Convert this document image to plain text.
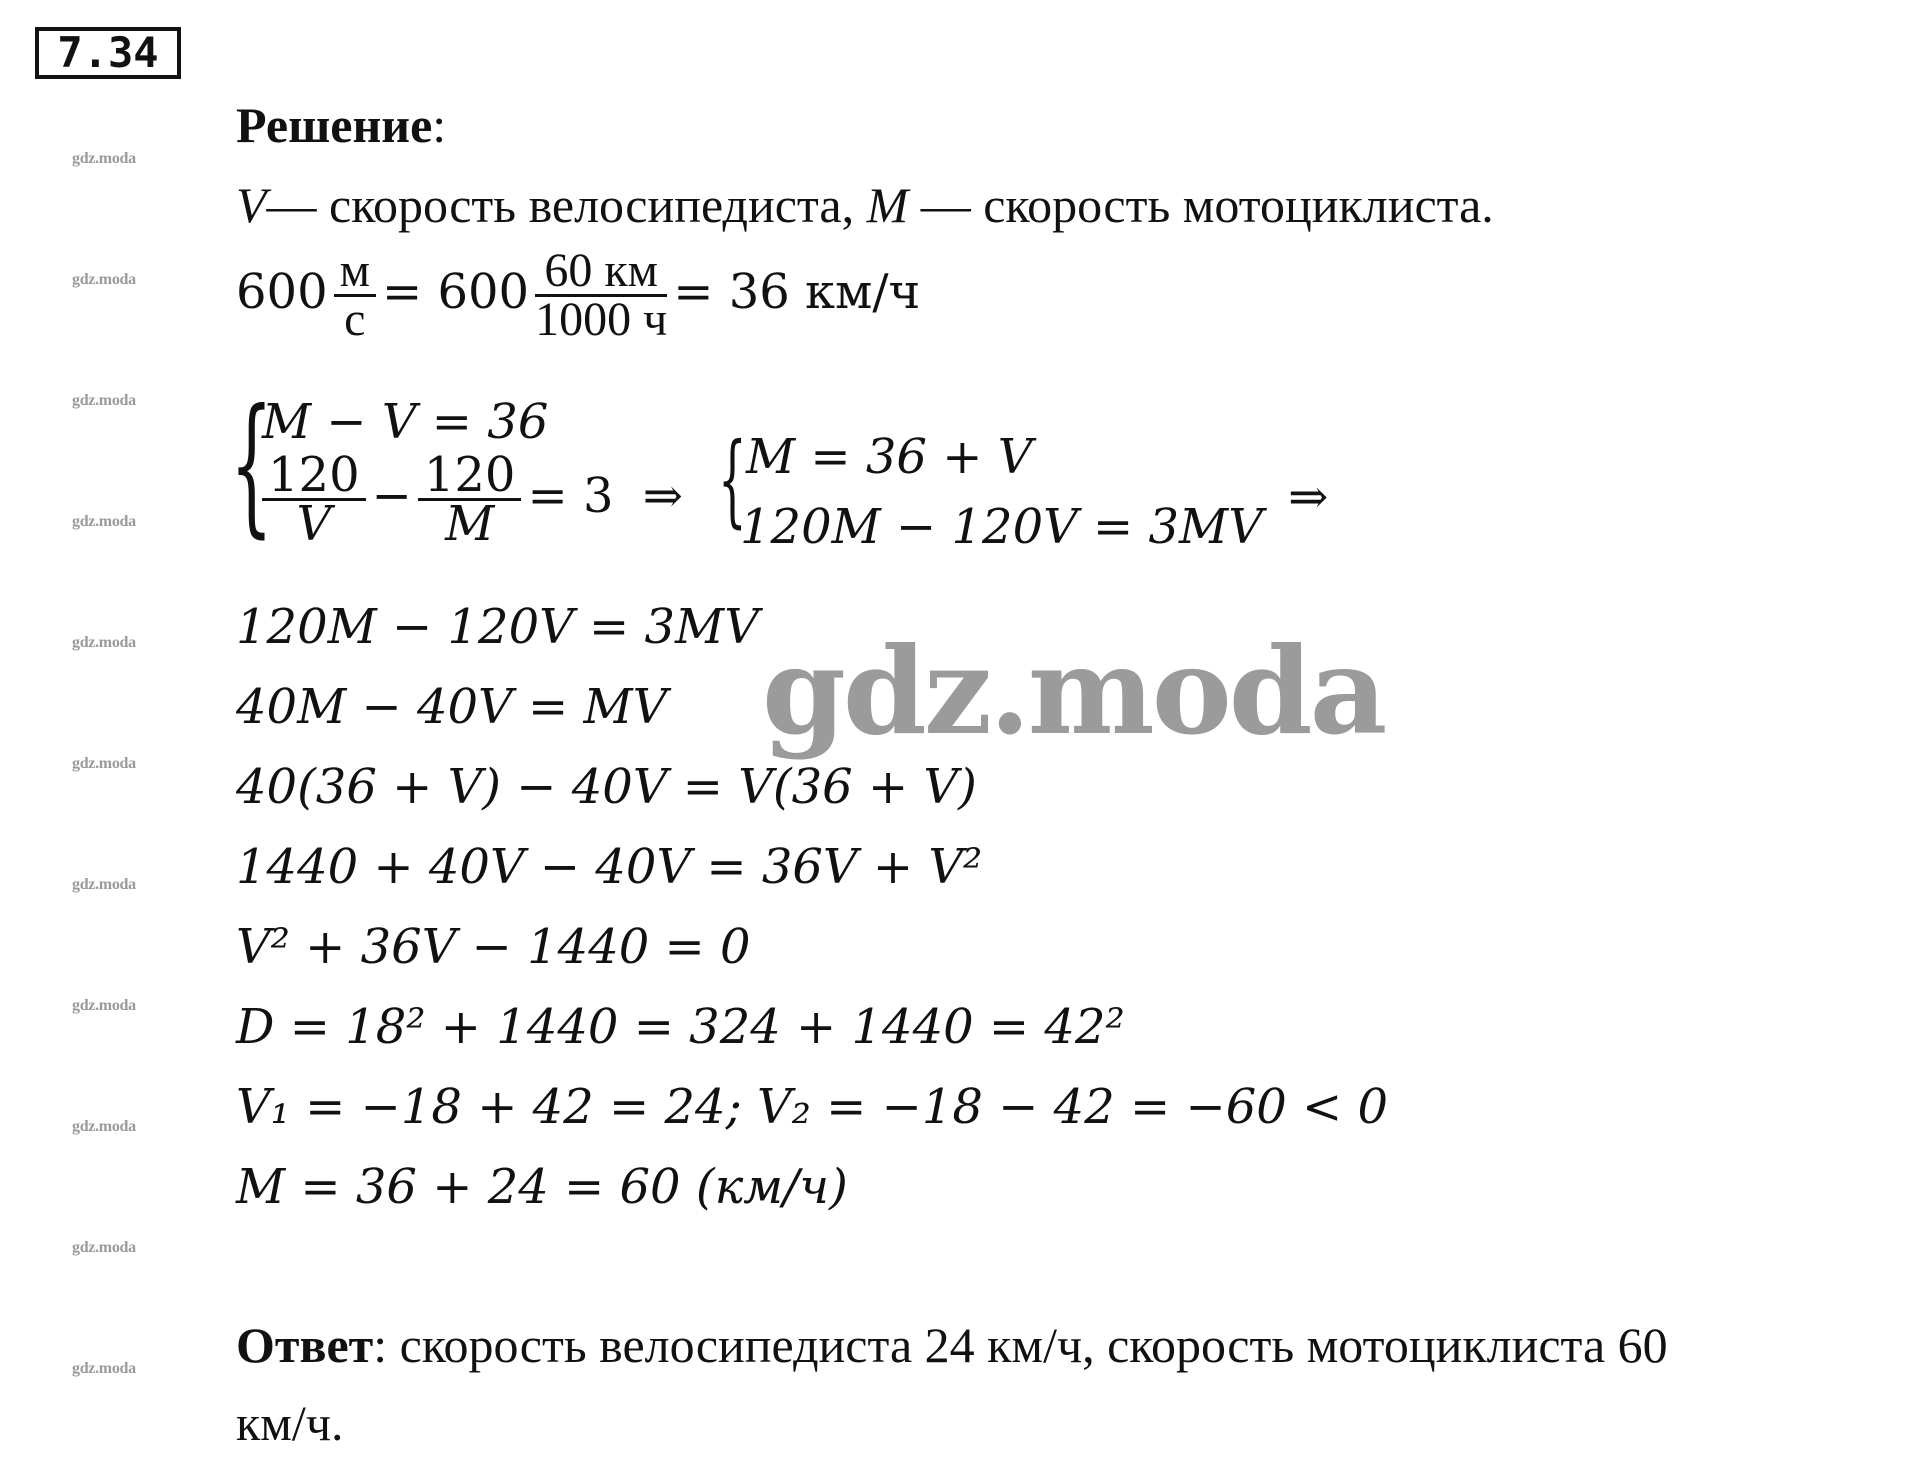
7.34
gdz.moda
gdz.moda
gdz.moda
gdz.moda
gdz.moda
gdz.moda
gdz.moda
gdz.moda
gdz.moda
gdz.moda
gdz.moda
Решение:
V— скорость велосипедиста, M — скорость мотоциклиста.
$600 \frac{м}{с} = 600 \frac{60 км}{1000 ч} = 36$ км/ч
{
M − V = 36
$\frac{120}{V} - \frac{120}{M} = 3$ ⇒ { M = 36 + V
120M − 120V = 3MV ⇒
120M − 120V = 3MV
40M − 40V = MV
40(36 + V) − 40V = V(36 + V)
1440 + 40V − 40V = 36V + V²
V² + 36V − 1440 = 0
D = 18² + 1440 = 324 + 1440 = 42²
V₁ = −18 + 42 = 24; V₂ = −18 − 42 = −60 < 0
M = 36 + 24 = 60 (км/ч)
gdz.moda
Ответ: скорость велосипедиста 24 км/ч, скорость мотоциклиста 60
км/ч.
